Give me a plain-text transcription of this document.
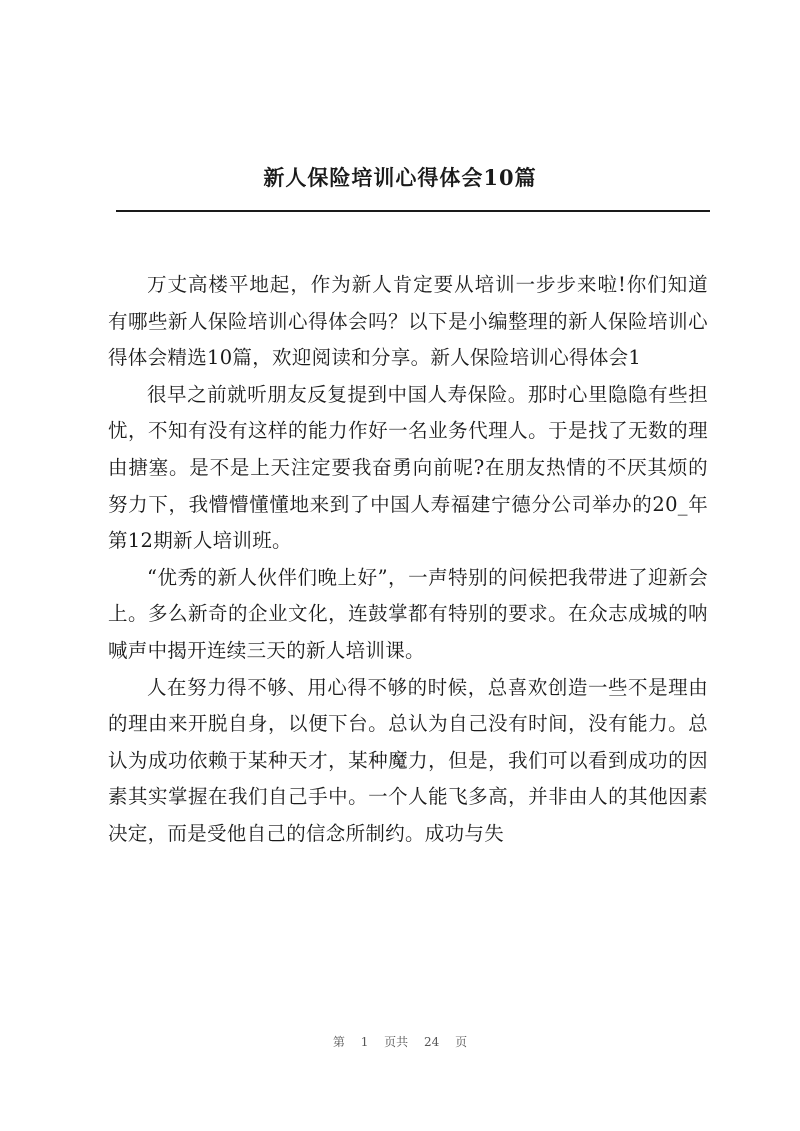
新人保险培训心得体会10篇

万丈高楼平地起，作为新人肯定要从培训一步步来啦!你们知道有哪些新人保险培训心得体会吗？以下是小编整理的新人保险培训心得体会精选10篇，欢迎阅读和分享。新人保险培训心得体会1

很早之前就听朋友反复提到中国人寿保险。那时心里隐隐有些担忧，不知有没有这样的能力作好一名业务代理人。于是找了无数的理由搪塞。是不是上天注定要我奋勇向前呢?在朋友热情的不厌其烦的努力下，我懵懵懂懂地来到了中国人寿福建宁德分公司举办的20_年第12期新人培训班。

“优秀的新人伙伴们晚上好”，一声特别的问候把我带进了迎新会上。多么新奇的企业文化，连鼓掌都有特别的要求。在众志成城的呐喊声中揭开连续三天的新人培训课。

人在努力得不够、用心得不够的时候，总喜欢创造一些不是理由的理由来开脱自身，以便下台。总认为自己没有时间，没有能力。总认为成功依赖于某种天才，某种魔力，但是，我们可以看到成功的因素其实掌握在我们自己手中。一个人能飞多高，并非由人的其他因素决定，而是受他自己的信念所制约。成功与失

第 1 页共 24 页
